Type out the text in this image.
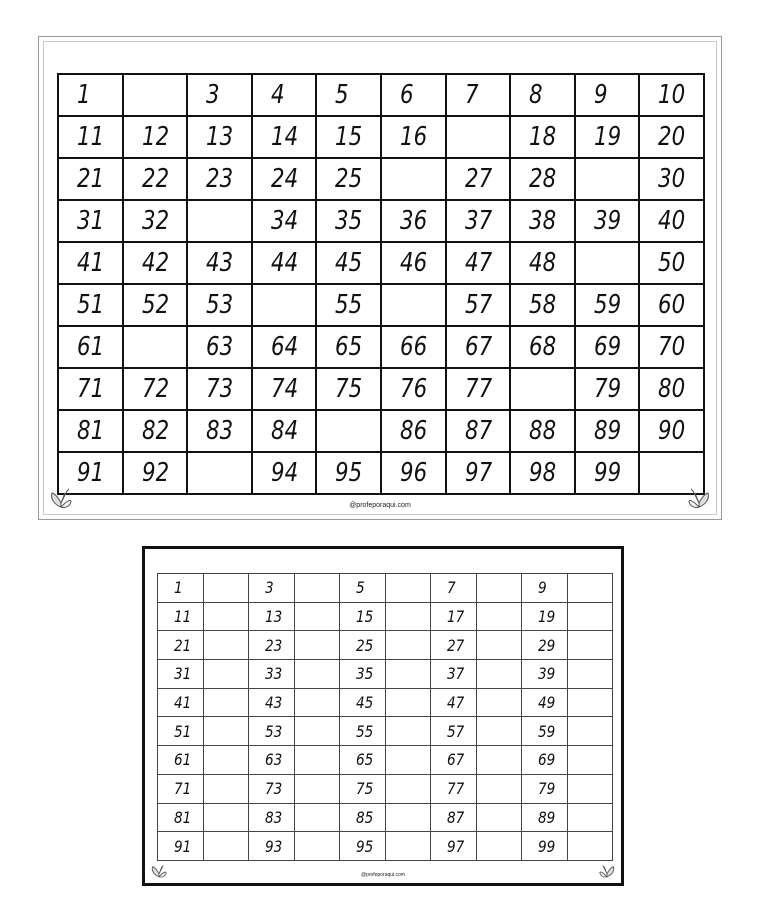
1		3	4	5	6	7	8	9	10
11	12	13	14	15	16		18	19	20
21	22	23	24	25		27	28		30
31	32		34	35	36	37	38	39	40
41	42	43	44	45	46	47	48		50
51	52	53		55		57	58	59	60
61		63	64	65	66	67	68	69	70
71	72	73	74	75	76	77		79	80
81	82	83	84		86	87	88	89	90
91	92		94	95	96	97	98	99	
@profeporaqui.com
1		3		5		7		9	
11		13		15		17		19	
21		23		25		27		29	
31		33		35		37		39	
41		43		45		47		49	
51		53		55		57		59	
61		63		65		67		69	
71		73		75		77		79	
81		83		85		87		89	
91		93		95		97		99	
@profeporaqui.com
